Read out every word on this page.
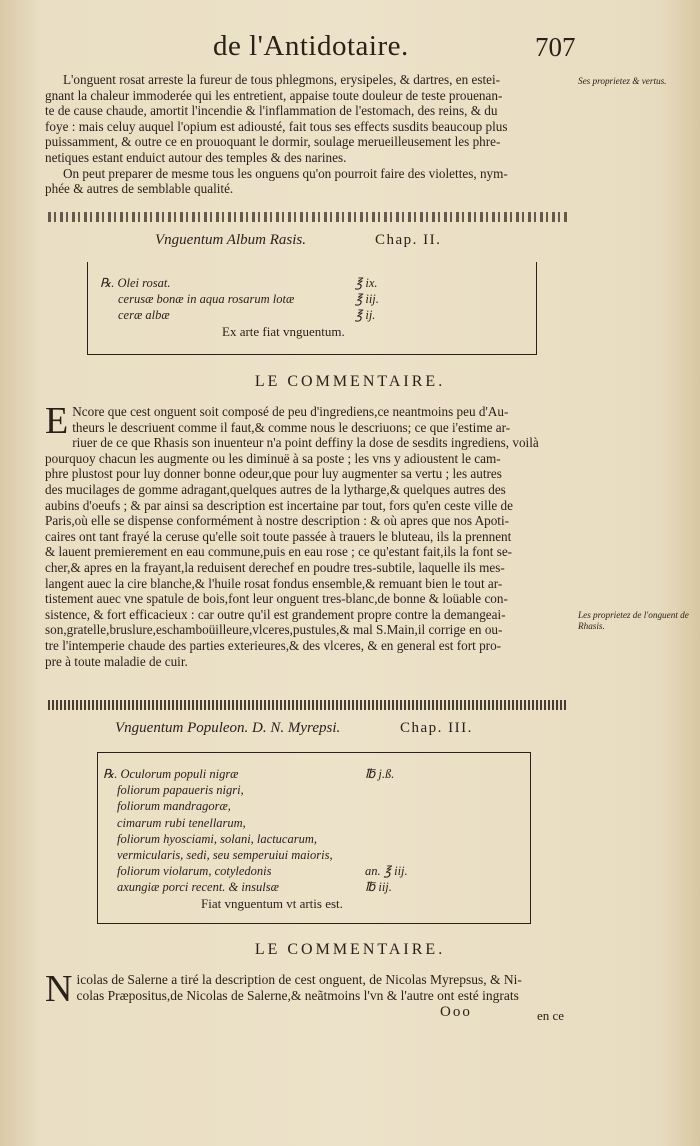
de l'Antidotaire.	707

L'onguent rosat arreste la fureur de tous phlegmons, erysipeles, & dartres, en estei-

gnant la chaleur immoderée qui les entretient, appaise toute douleur de teste prouenan-

te de cause chaude, amortit l'incendie & l'inflammation de l'estomach, des reins, & du

foye : mais celuy auquel l'opium est adiousté, fait tous ses effects susdits beaucoup plus

puissamment, & outre ce en prouoquant le dormir, soulage merueilleusement les phre-

netiques estant enduict autour des temples & des narines.

On peut preparer de mesme tous les onguens qu'on pourroit faire des violettes, nym-

phée & autres de semblable qualité.

Ses proprietez & vertus.
Vnguentum Album Rasis.	Chap. II.
℞. Olei rosat.	℥ ix.
cerusæ bonæ in aqua rosarum lotæ	℥ iij.
ceræ albæ	℥ ij.
Ex arte fiat vnguentum.
LE COMMENTAIRE.
E Ncore que cest onguent soit composé de peu d'ingrediens,ce neantmoins peu d'Au-

theurs le descriuent comme il faut,& comme nous le descriuons; ce que i'estime ar-

riuer de ce que Rhasis son inuenteur n'a point deffiny la dose de sesdits ingrediens, voilà

pourquoy chacun les augmente ou les diminuë à sa poste ; les vns y adioustent le cam-

phre plustost pour luy donner bonne odeur,que pour luy augmenter sa vertu ; les autres

des mucilages de gomme adragant,quelques autres de la lytharge,& quelques autres des

aubins d'oeufs ; & par ainsi sa description est incertaine par tout, fors qu'en ceste ville de

Paris,où elle se dispense conformément à nostre description : & où apres que nos Apoti-

caires ont tant frayé la ceruse qu'elle soit toute passée à trauers le bluteau, ils la prennent

& lauent premierement en eau commune,puis en eau rose ; ce qu'estant fait,ils la font se-

cher,& apres en la frayant,la reduisent derechef en poudre tres-subtile, laquelle ils mes-

langent auec la cire blanche,& l'huile rosat fondus ensemble,& remuant bien le tout ar-

tistement auec vne spatule de bois,font leur onguent tres-blanc,de bonne & loüable con-

sistence, & fort efficacieux : car outre qu'il est grandement propre contre la demangeai-

son,gratelle,bruslure,eschamboüilleure,vlceres,pustules,& mal S.Main,il corrige en ou-

tre l'intemperie chaude des parties exterieures,& des vlceres, & en general est fort pro-

pre à toute maladie de cuir.

Les proprietez de l'onguent de Rhasis.
Vnguentum Populeon. D. N. Myrepsi.	Chap. III.
℞. Oculorum populi nigræ	℔ j.ß.
foliorum papaueris nigri,
foliorum mandragoræ,
cimarum rubi tenellarum,
foliorum hyosciami, solani, lactucarum,
vermicularis, sedi, seu semperuiui maioris,
foliorum violarum, cotyledonis	an. ℥ iij.
axungiæ porci recent. & insulsæ	℔ iij.
Fiat vnguentum vt artis est.
LE COMMENTAIRE.
N icolas de Salerne a tiré la description de cest onguent, de Nicolas Myrepsus, & Ni-

colas Præpositus,de Nicolas de Salerne,& neãtmoins l'vn & l'autre ont esté ingrats

Ooo	en ce
